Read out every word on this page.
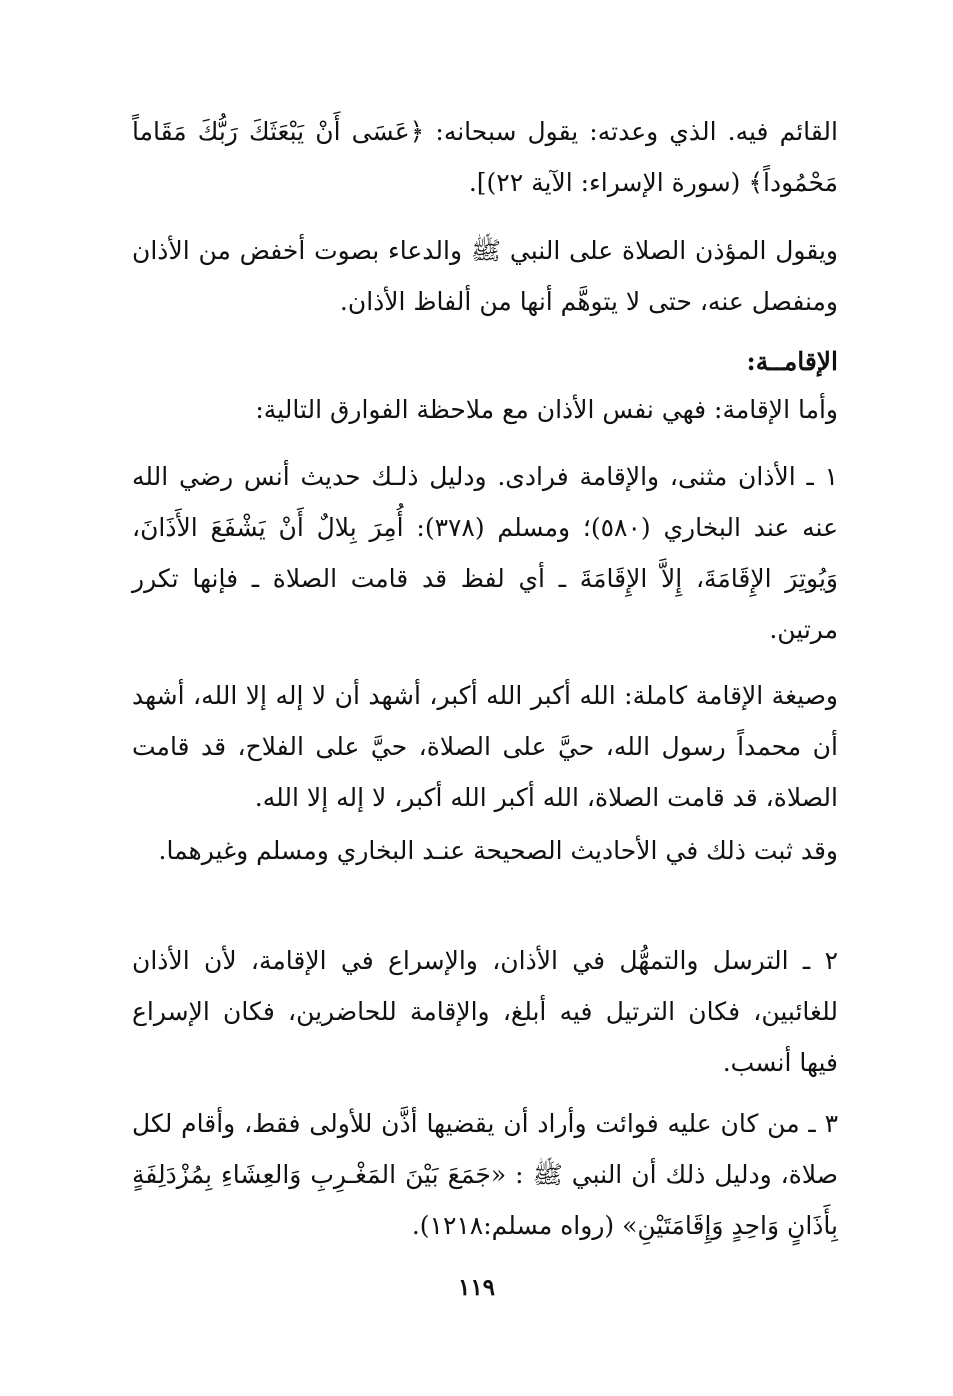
القائم فيه. الذي وعدته: يقول سبحانه: ﴿عَسَى أَنْ يَبْعَثَكَ رَبُّكَ مَقَاماً مَحْمُوداً﴾ (سورة الإسراء: الآية ٢٢)].
ويقول المؤذن الصلاة على النبي ﷺ والدعاء بصوت أخفض من الأذان ومنفصل عنه، حتى لا يتوهَّم أنها من ألفاظ الأذان.
الإقامــة:
وأما الإقامة: فهي نفس الأذان مع ملاحظة الفوارق التالية:
١ ـ الأذان مثنى، والإقامة فرادى. ودليل ذلـك حديث أنس رضي الله عنه عند البخاري (٥٨٠)؛ ومسلم (٣٧٨): أُمِرَ بِلالٌ أَنْ يَشْفَعَ الأَذَانَ، وَيُوتِرَ الإِقَامَةَ، إِلاَّ الإِقَامَةَ ـ أي لفظ قد قامت الصلاة ـ فإنها تكرر مرتين.
وصيغة الإقامة كاملة: الله أكبر الله أكبر، أشهد أن لا إله إلا الله، أشهد أن محمداً رسول الله، حيَّ على الصلاة، حيَّ على الفلاح، قد قامت الصلاة، قد قامت الصلاة، الله أكبر الله أكبر، لا إله إلا الله.
وقد ثبت ذلك في الأحاديث الصحيحة عنـد البخاري ومسلم وغيرهما.
٢ ـ الترسل والتمهُّل في الأذان، والإسراع في الإقامة، لأن الأذان للغائبين، فكان الترتيل فيه أبلغ، والإقامة للحاضرين، فكان الإسراع فيها أنسب.
٣ ـ من كان عليه فوائت وأراد أن يقضيها أذَّن للأولى فقط، وأقام لكل صلاة، ودليل ذلك أن النبي ﷺ : «جَمَعَ بَيْنَ المَغْـرِبِ وَالعِشَاءِ بِمُزْدَلِفَةٍ بِأَذَانٍ وَاحِدٍ وَإِقَامَتَيْنِ» (رواه مسلم:١٢١٨).
١١٩
